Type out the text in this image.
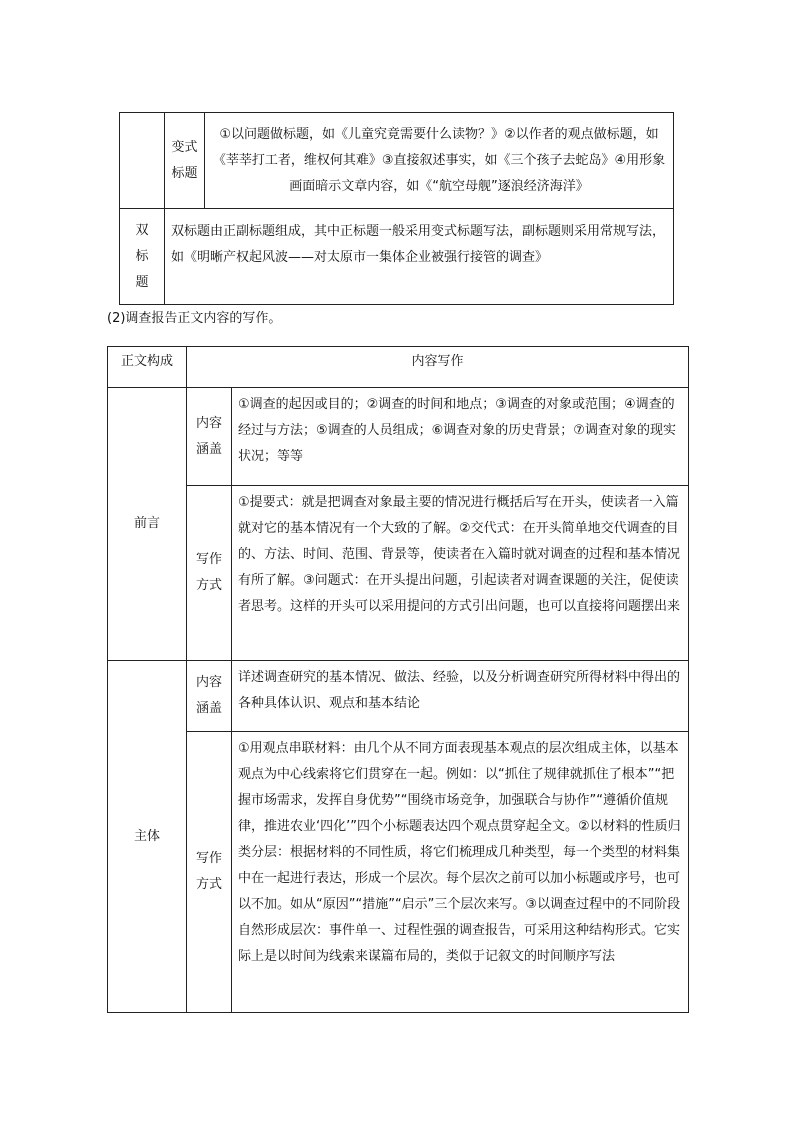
	变式标题	①以问题做标题，如《儿童究竟需要什么读物？》②以作者的观点做标题，如《莘莘打工者，维权何其难》③直接叙述事实，如《三个孩子去蛇岛》④用形象画面暗示文章内容，如《“航空母舰”逐浪经济海洋》

双标题	双标题由正副标题组成，其中正标题一般采用变式标题写法，副标题则采用常规写法，如《明晰产权起风波——对太原市一集体企业被强行接管的调查》	
(2)调查报告正文内容的写作。
正文构成	内容写作	
前言	内容涵盖	①调查的起因或目的；②调查的时间和地点；③调查的对象或范围；④调查的经过与方法；⑤调查的人员组成；⑥调查对象的历史背景；⑦调查对象的现实状况；等等

	写作方式	①提要式：就是把调查对象最主要的情况进行概括后写在开头，使读者一入篇就对它的基本情况有一个大致的了解。②交代式：在开头简单地交代调查的目的、方法、时间、范围、背景等，使读者在入篇时就对调查的过程和基本情况有所了解。③问题式：在开头提出问题，引起读者对调查课题的关注，促使读者思考。这样的开头可以采用提问的方式引出问题，也可以直接将问题摆出来
主体	内容涵盖	详述调查研究的基本情况、做法、经验，以及分析调查研究所得材料中得出的各种具体认识、观点和基本结论

	写作方式	①用观点串联材料：由几个从不同方面表现基本观点的层次组成主体，以基本观点为中心线索将它们贯穿在一起。例如：以“抓住了规律就抓住了根本”“把握市场需求，发挥自身优势”“围绕市场竞争，加强联合与协作”“遵循价值规律，推进农业‘四化’”四个小标题表达四个观点贯穿起全文。②以材料的性质归类分层：根据材料的不同性质，将它们梳理成几种类型，每一个类型的材料集中在一起进行表达，形成一个层次。每个层次之前可以加小标题或序号，也可以不加。如从“原因”“措施”“启示”三个层次来写。③以调查过程中的不同阶段自然形成层次：事件单一、过程性强的调查报告，可采用这种结构形式。它实际上是以时间为线索来谋篇布局的，类似于记叙文的时间顺序写法
